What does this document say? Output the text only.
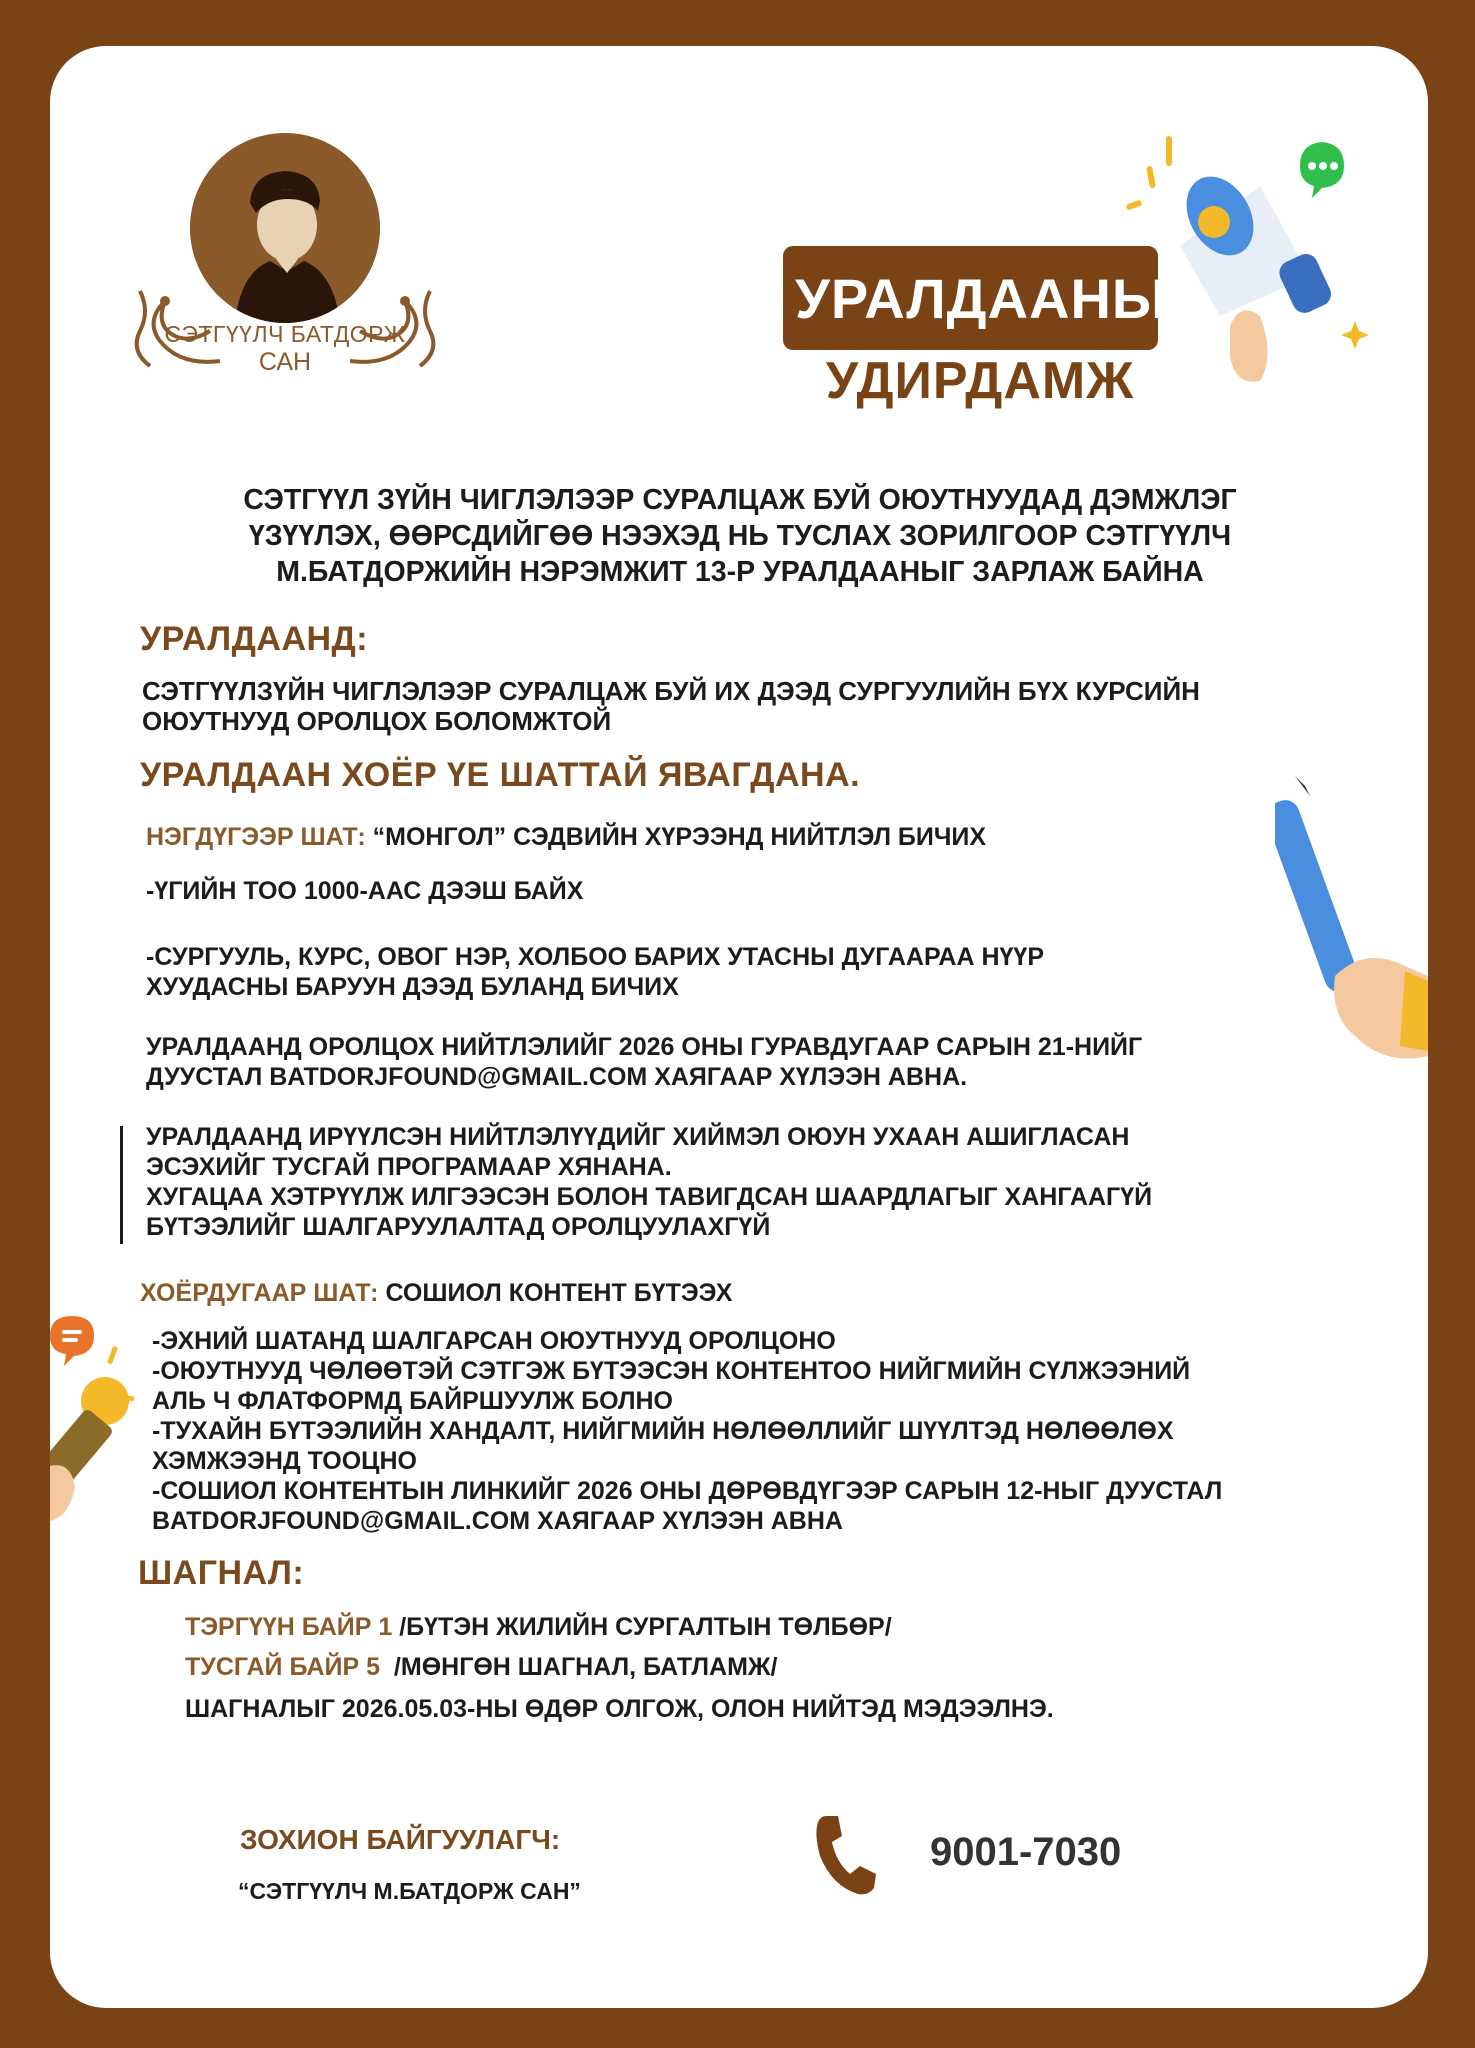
СЭТГҮҮЛЧ БАТДОРЖ
САН
УРАЛДААНЫ
УДИРДАМЖ
СЭТГҮҮЛ ЗҮЙН ЧИГЛЭЛЭЭР СУРАЛЦАЖ БУЙ ОЮУТНУУДАД ДЭМЖЛЭГ
ҮЗҮҮЛЭХ, ӨӨРСДИЙГӨӨ НЭЭХЭД НЬ ТУСЛАХ ЗОРИЛГООР СЭТГҮҮЛЧ
М.БАТДОРЖИЙН НЭРЭМЖИТ 13-Р УРАЛДААНЫГ ЗАРЛАЖ БАЙНА
УРАЛДААНД:
СЭТГҮҮЛЗҮЙН ЧИГЛЭЛЭЭР СУРАЛЦАЖ БУЙ ИХ ДЭЭД СУРГУУЛИЙН БҮХ КУРСИЙН
ОЮУТНУУД ОРОЛЦОХ БОЛОМЖТОЙ
УРАЛДААН ХОЁР ҮЕ ШАТТАЙ ЯВАГДАНА.
НЭГДҮГЭЭР ШАТ: “МОНГОЛ” СЭДВИЙН ХҮРЭЭНД НИЙТЛЭЛ БИЧИХ
-ҮГИЙН ТОО 1000-ААС ДЭЭШ БАЙХ
-СУРГУУЛЬ, КУРС, ОВОГ НЭР, ХОЛБОО БАРИХ УТАСНЫ ДУГААРАА НҮҮР
ХУУДАСНЫ БАРУУН ДЭЭД БУЛАНД БИЧИХ
УРАЛДААНД ОРОЛЦОХ НИЙТЛЭЛИЙГ 2026 ОНЫ ГУРАВДУГААР САРЫН 21-НИЙГ
ДУУСТАЛ BATDORJFOUND@GMAIL.COM ХАЯГААР ХҮЛЭЭН АВНА.
УРАЛДААНД ИРҮҮЛСЭН НИЙТЛЭЛҮҮДИЙГ ХИЙМЭЛ ОЮУН УХААН АШИГЛАСАН
ЭСЭХИЙГ ТУСГАЙ ПРОГРАМААР ХЯНАНА.
ХУГАЦАА ХЭТРҮҮЛЖ ИЛГЭЭСЭН БОЛОН ТАВИГДСАН ШААРДЛАГЫГ ХАНГААГҮЙ
БҮТЭЭЛИЙГ ШАЛГАРУУЛАЛТАД ОРОЛЦУУЛАХГҮЙ
ХОЁРДУГААР ШАТ: СОШИОЛ КОНТЕНТ БҮТЭЭХ
-ЭХНИЙ ШАТАНД ШАЛГАРСАН ОЮУТНУУД ОРОЛЦОНО
-ОЮУТНУУД ЧӨЛӨӨТЭЙ СЭТГЭЖ БҮТЭЭСЭН КОНТЕНТОО НИЙГМИЙН СҮЛЖЭЭНИЙ
АЛЬ Ч ФЛАТФОРМД БАЙРШУУЛЖ БОЛНО
-ТУХАЙН БҮТЭЭЛИЙН ХАНДАЛТ, НИЙГМИЙН НӨЛӨӨЛЛИЙГ ШҮҮЛТЭД НӨЛӨӨЛӨХ
ХЭМЖЭЭНД ТООЦНО
-СОШИОЛ КОНТЕНТЫН ЛИНКИЙГ 2026 ОНЫ ДӨРӨВДҮГЭЭР САРЫН 12-НЫГ ДУУСТАЛ
BATDORJFOUND@GMAIL.COM ХАЯГААР ХҮЛЭЭН АВНА
ШАГНАЛ:
ТЭРГҮҮН БАЙР 1 /БҮТЭН ЖИЛИЙН СУРГАЛТЫН ТӨЛБӨР/
ТУСГАЙ БАЙР 5 /МӨНГӨН ШАГНАЛ, БАТЛАМЖ/
ШАГНАЛЫГ 2026.05.03-НЫ ӨДӨР ОЛГОЖ, ОЛОН НИЙТЭД МЭДЭЭЛНЭ.
ЗОХИОН БАЙГУУЛАГЧ:
“СЭТГҮҮЛЧ М.БАТДОРЖ САН”
9001-7030
